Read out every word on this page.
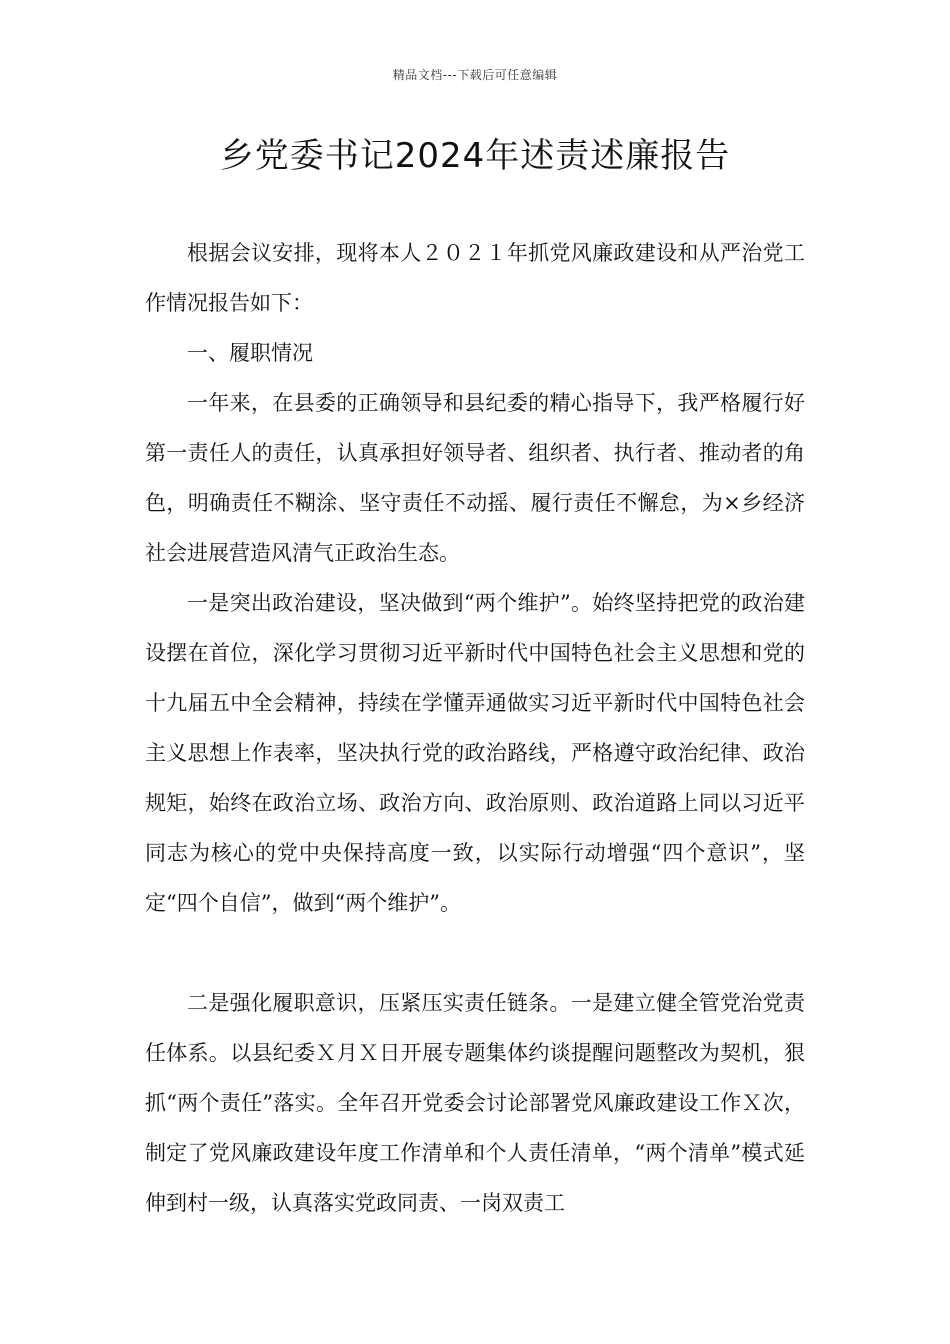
精品文档---下载后可任意编辑
乡党委书记2024年述责述廉报告

根据会议安排，现将本人２０２１年抓党风廉政建设和从严治党工作情况报告如下：

一、履职情况

一年来，在县委的正确领导和县纪委的精心指导下，我严格履行好第一责任人的责任，认真承担好领导者、组织者、执行者、推动者的角色，明确责任不糊涂、坚守责任不动摇、履行责任不懈怠，为×乡经济社会进展营造风清气正政治生态。

一是突出政治建设，坚决做到“两个维护”。始终坚持把党的政治建设摆在首位，深化学习贯彻习近平新时代中国特色社会主义思想和党的十九届五中全会精神，持续在学懂弄通做实习近平新时代中国特色社会主义思想上作表率，坚决执行党的政治路线，严格遵守政治纪律、政治规矩，始终在政治立场、政治方向、政治原则、政治道路上同以习近平同志为核心的党中央保持高度一致，以实际行动增强“四个意识”，坚定“四个自信”，做到“两个维护”。

二是强化履职意识，压紧压实责任链条。一是建立健全管党治党责任体系。以县纪委Ｘ月Ｘ日开展专题集体约谈提醒问题整改为契机，狠抓“两个责任”落实。全年召开党委会讨论部署党风廉政建设工作Ｘ次，制定了党风廉政建设年度工作清单和个人责任清单，“两个清单”模式延伸到村一级，认真落实党政同责、一岗双责工
